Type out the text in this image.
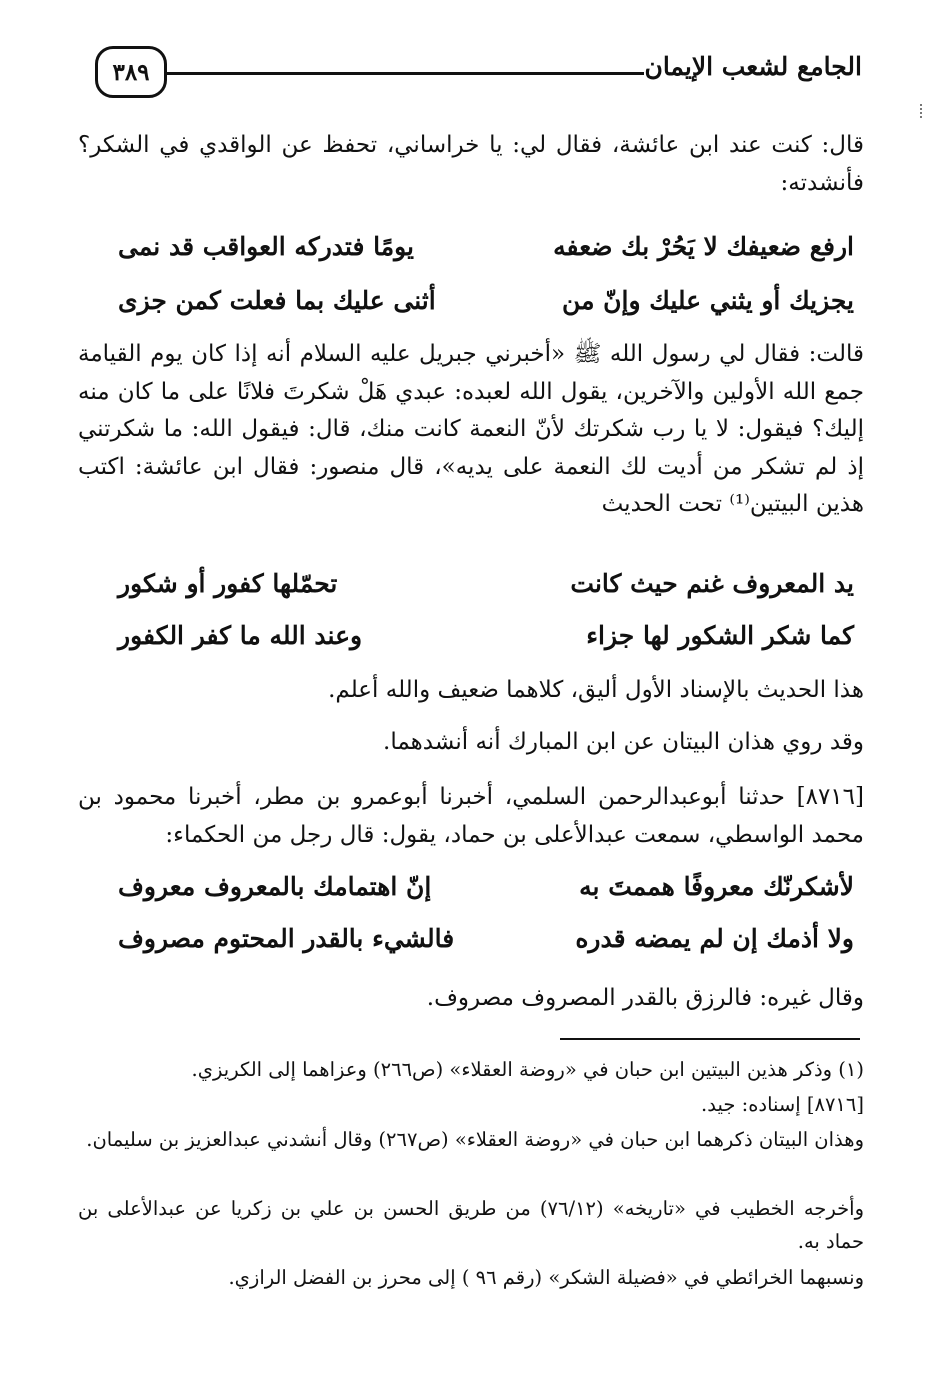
الجامع لشعب الإيمان
٣٨٩

قال: كنت عند ابن عائشة، فقال لي: يا خراساني، تحفظ عن الواقدي في الشكر؟ فأنشدته:

ارفع ضعيفك لا يَحُرْ بك ضعفه
يومًا فتدركه العواقب قد نمى
يجزيك أو يثني عليك وإنّ من
أثنى عليك بما فعلت كمن جزى

قالت: فقال لي رسول الله ﷺ «أخبرني جبريل عليه السلام أنه إذا كان يوم القيامة جمع الله الأولين والآخرين، يقول الله لعبده: عبدي هَلْ شكرتَ فلانًا على ما كان منه إليك؟ فيقول: لا يا رب شكرتك لأنّ النعمة كانت منك، قال: فيقول الله: ما شكرتني إذ لم تشكر من أديت لك النعمة على يديه»، قال منصور: فقال ابن عائشة: اكتب هذين البيتين⁽¹⁾ تحت الحديث

يد المعروف غنم حيث كانت
تحمّلها كفور أو شكور
كما شكر الشكور لها جزاء
وعند الله ما كفر الكفور

هذا الحديث بالإسناد الأول أليق، كلاهما ضعيف والله أعلم.

وقد روي هذان البيتان عن ابن المبارك أنه أنشدهما.

[٨٧١٦] حدثنا أبوعبدالرحمن السلمي، أخبرنا أبوعمرو بن مطر، أخبرنا محمود بن محمد الواسطي، سمعت عبدالأعلى بن حماد، يقول: قال رجل من الحكماء:

لأشكرنّك معروفًا هممتَ به
إنّ اهتمامك بالمعروف معروف
ولا أذمك إن لم يمضه قدره
فالشيء بالقدر المحتوم مصروف

وقال غيره: فالرزق بالقدر المصروف مصروف.

(١) وذكر هذين البيتين ابن حبان في «روضة العقلاء» (ص٢٦٦) وعزاهما إلى الكريزي.

[٨٧١٦] إسناده: جيد.

وهذان البيتان ذكرهما ابن حبان في «روضة العقلاء» (ص٢٦٧) وقال أنشدني عبدالعزيز بن سليمان.

وأخرجه الخطيب في «تاريخه» (٧٦/١٢) من طريق الحسن بن علي بن زكريا عن عبدالأعلى بن حماد به.

ونسبهما الخرائطي في «فضيلة الشكر» (رقم ٩٦ ) إلى محرز بن الفضل الرازي.
